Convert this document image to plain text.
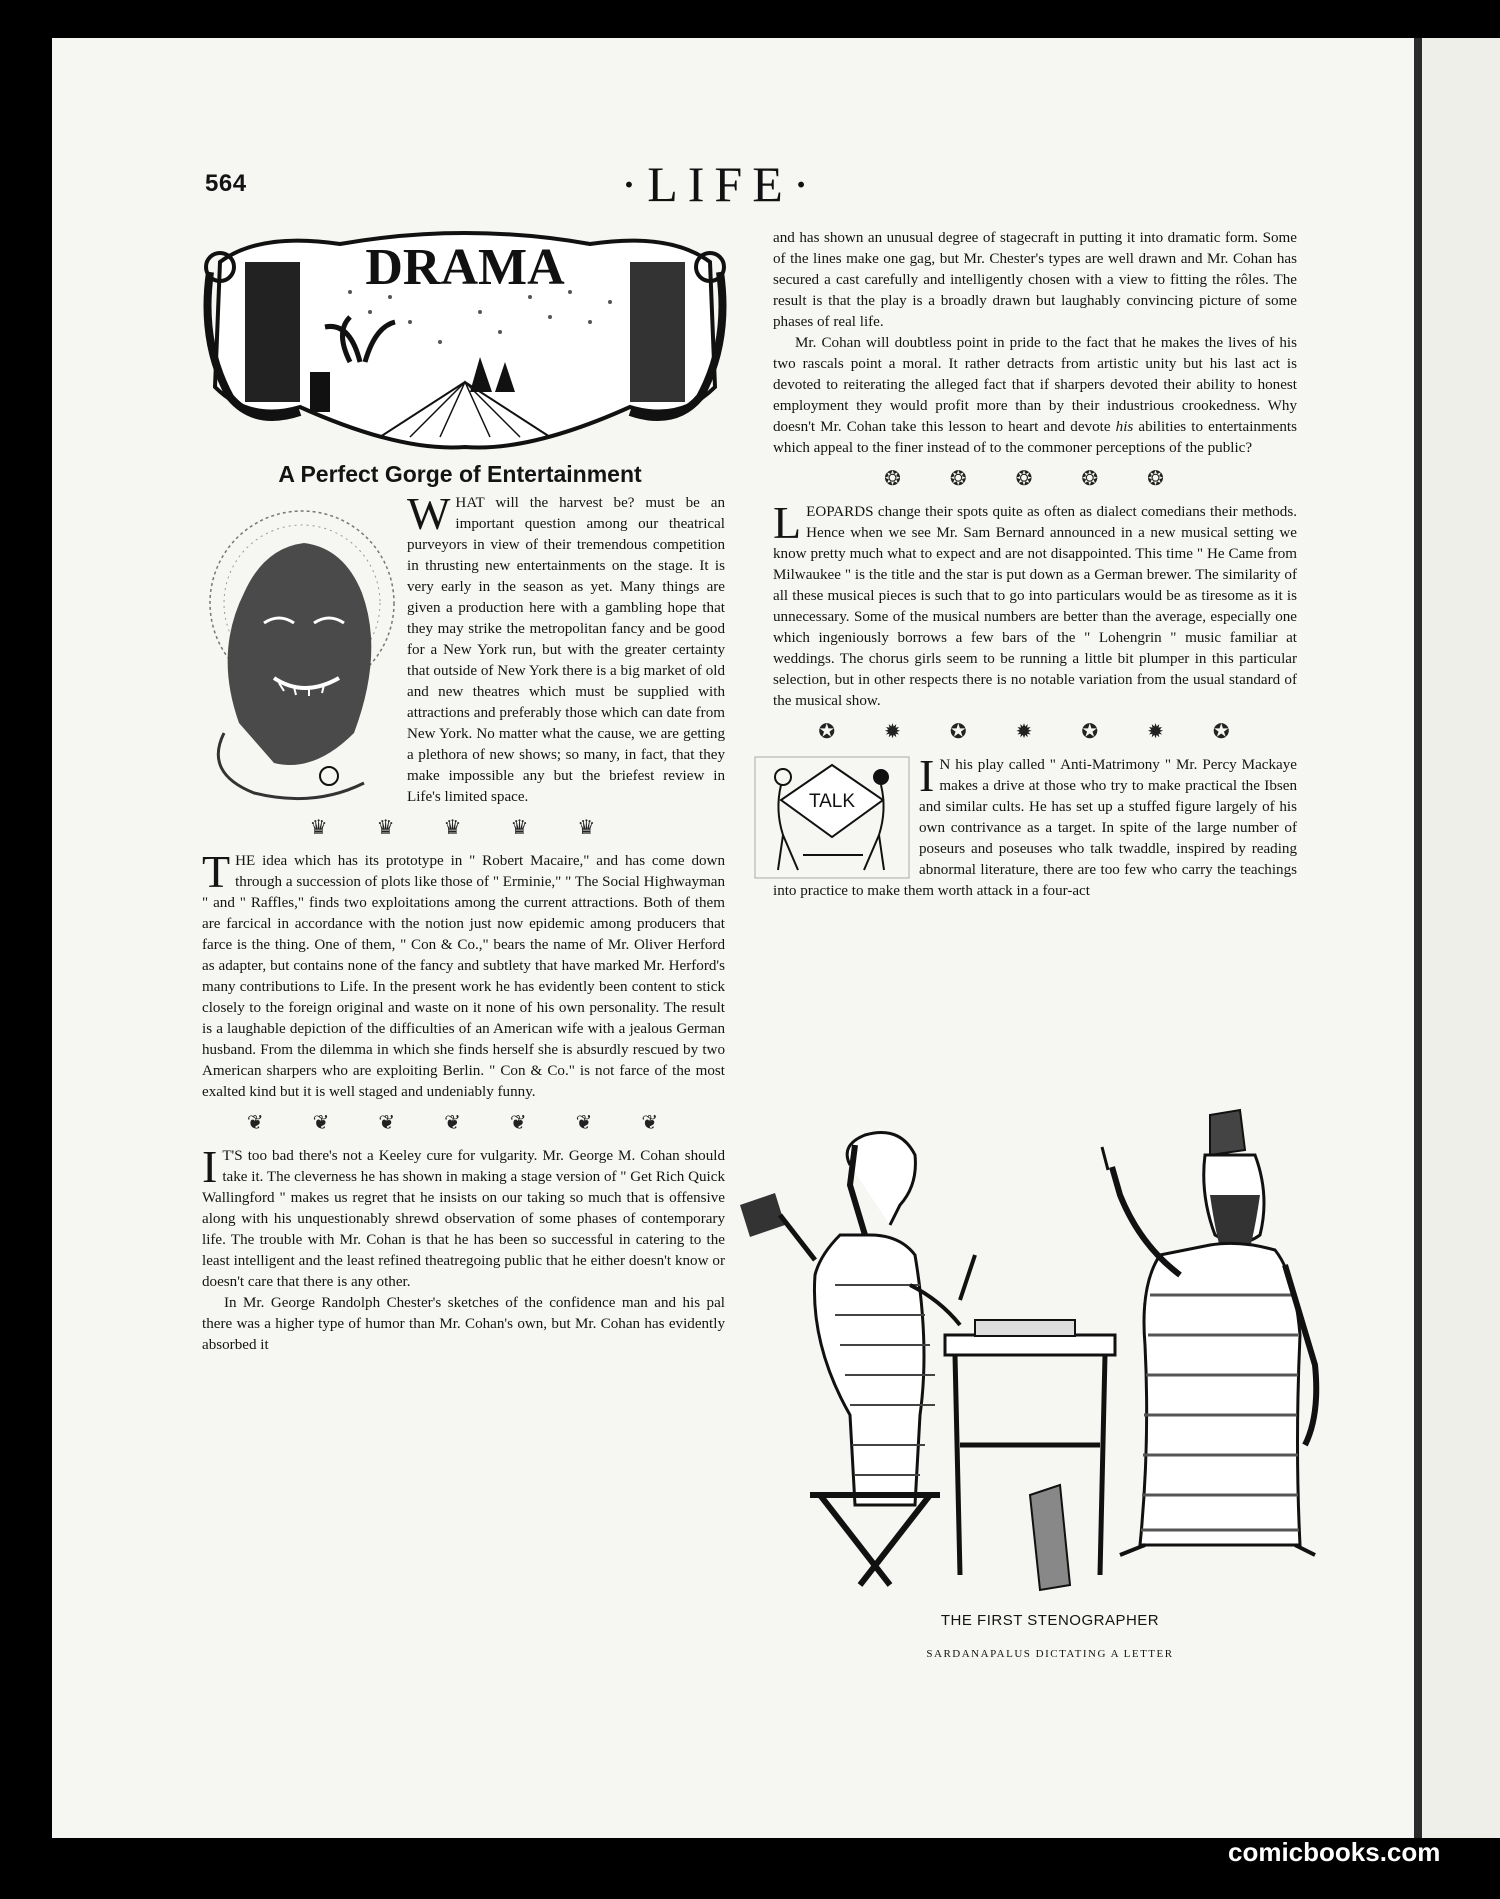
564	·LIFE·

DRAMA
A Perfect Gorge of Entertainment

WHAT will the harvest be? must be an important question among our theatrical purveyors in view of their tremendous competition in thrusting new entertainments on the stage. It is very early in the season as yet. Many things are given a production here with a gambling hope that they may strike the metropolitan fancy and be good for a New York run, but with the greater certainty that outside of New York there is a big market of old and new theatres which must be supplied with attractions and preferably those which can date from New York. No matter what the cause, we are getting a plethora of new shows; so many, in fact, that they make impossible any but the briefest review in Life's limited space.

♛ ♛ ♛ ♛ ♛

THE idea which has its prototype in " Robert Macaire," and has come down through a succession of plots like those of " Erminie," " The Social Highwayman " and " Raffles," finds two exploitations among the current attractions. Both of them are farcical in accordance with the notion just now epidemic among producers that farce is the thing. One of them, " Con & Co.," bears the name of Mr. Oliver Herford as adapter, but contains none of the fancy and subtlety that have marked Mr. Herford's many contributions to Life. In the present work he has evidently been content to stick closely to the foreign original and waste on it none of his own personality. The result is a laughable depiction of the difficulties of an American wife with a jealous German husband. From the dilemma in which she finds herself she is absurdly rescued by two American sharpers who are exploiting Berlin. " Con & Co." is not farce of the most exalted kind but it is well staged and undeniably funny.

❦ ❦ ❦ ❦ ❦ ❦ ❦

I T'S too bad there's not a Keeley cure for vulgarity. Mr. George M. Cohan should take it. The cleverness he has shown in making a stage version of " Get Rich Quick Wallingford " makes us regret that he insists on our taking so much that is offensive along with his unquestionably shrewd observation of some phases of contemporary life. The trouble with Mr. Cohan is that he has been so successful in catering to the least intelligent and the least refined theatregoing public that he either doesn't know or doesn't care that there is any other.

In Mr. George Randolph Chester's sketches of the confidence man and his pal there was a higher type of humor than Mr. Cohan's own, but Mr. Cohan has evidently absorbed it

and has shown an unusual degree of stagecraft in putting it into dramatic form. Some of the lines make one gag, but Mr. Chester's types are well drawn and Mr. Cohan has secured a cast carefully and intelligently chosen with a view to fitting the rôles. The result is that the play is a broadly drawn but laughably convincing picture of some phases of real life.

Mr. Cohan will doubtless point in pride to the fact that he makes the lives of his two rascals point a moral. It rather detracts from artistic unity but his last act is devoted to reiterating the alleged fact that if sharpers devoted their ability to honest employment they would profit more than by their industrious crookedness. Why doesn't Mr. Cohan take this lesson to heart and devote his abilities to entertainments which appeal to the finer instead of to the commoner perceptions of the public?

❂ ❂ ❂ ❂ ❂

LEOPARDS change their spots quite as often as dialect comedians their methods. Hence when we see Mr. Sam Bernard announced in a new musical setting we know pretty much what to expect and are not disappointed. This time " He Came from Milwaukee " is the title and the star is put down as a German brewer. The similarity of all these musical pieces is such that to go into particulars would be as tiresome as it is unnecessary. Some of the musical numbers are better than the average, especially one which ingeniously borrows a few bars of the " Lohengrin " music familiar at weddings. The chorus girls seem to be running a little bit plumper in this particular selection, but in other respects there is no notable variation from the usual standard of the musical show.

✪ ✹ ✪ ✹ ✪ ✹ ✪
TALK

I N his play called " Anti-Matrimony " Mr. Percy Mackaye makes a drive at those who try to make practical the Ibsen and similar cults. He has set up a stuffed figure largely of his own contrivance as a target. In spite of the large number of poseurs and poseuses who talk twaddle, inspired by reading abnormal literature, there are too few who carry the teachings into practice to make them worth attack in a four-act

THE FIRST STENOGRAPHER

SARDANAPALUS DICTATING A LETTER

comicbooks.com
